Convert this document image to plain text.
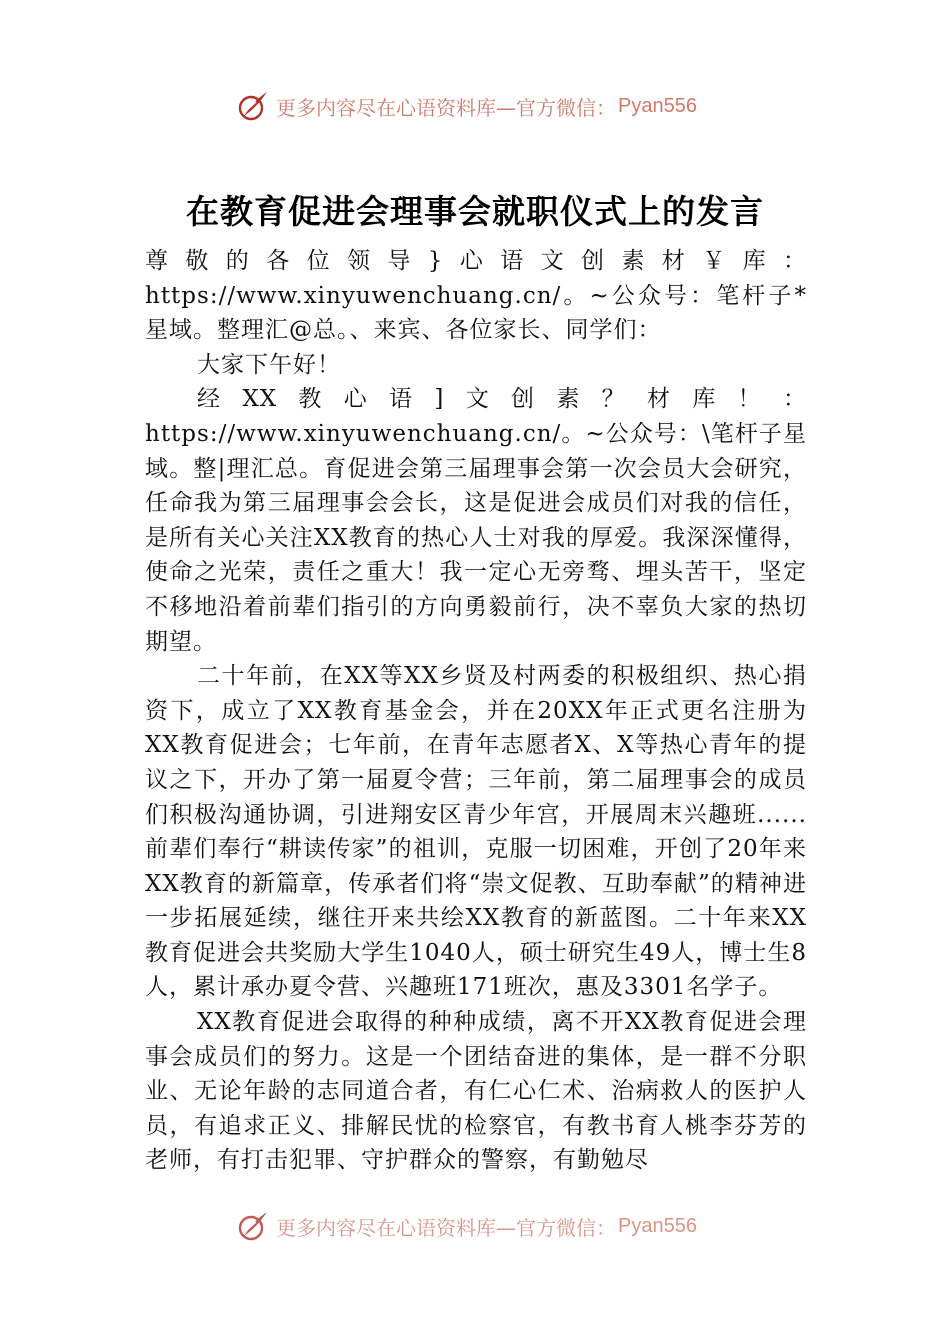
更多内容尽在心语资料库—官方微信： Pyan556
在教育促进会理事会就职仪式上的发言

尊敬的各位领导}心语文创素材￥库：https://www.xinyuwenchuang.cn/。~公众号：笔杆子*星域。整理汇@总。、来宾、各位家长、同学们：

大家下午好！

经XX教心语]文创素？材库！：https://www.xinyuwenchuang.cn/。~公众号：\笔杆子星域。整|理汇总。育促进会第三届理事会第一次会员大会研究，任命我为第三届理事会会长，这是促进会成员们对我的信任，是所有关心关注XX教育的热心人士对我的厚爱。我深深懂得，使命之光荣，责任之重大！我一定心无旁骛、埋头苦干，坚定不移地沿着前辈们指引的方向勇毅前行，决不辜负大家的热切期望。

二十年前，在XX等XX乡贤及村两委的积极组织、热心捐资下，成立了XX教育基金会，并在20XX年正式更名注册为XX教育促进会；七年前，在青年志愿者X、X等热心青年的提议之下，开办了第一届夏令营；三年前，第二届理事会的成员们积极沟通协调，引进翔安区青少年宫，开展周末兴趣班......前辈们奉行“耕读传家”的祖训，克服一切困难，开创了20年来XX教育的新篇章，传承者们将“崇文促教、互助奉献”的精神进一步拓展延续，继往开来共绘XX教育的新蓝图。二十年来XX教育促进会共奖励大学生1040人，硕士研究生49人，博士生8人，累计承办夏令营、兴趣班171班次，惠及3301名学子。

XX教育促进会取得的种种成绩，离不开XX教育促进会理事会成员们的努力。这是一个团结奋进的集体，是一群不分职业、无论年龄的志同道合者，有仁心仁术、治病救人的医护人员，有追求正义、排解民忧的检察官，有教书育人桃李芬芳的老师，有打击犯罪、守护群众的警察，有勤勉尽

更多内容尽在心语资料库—官方微信： Pyan556
